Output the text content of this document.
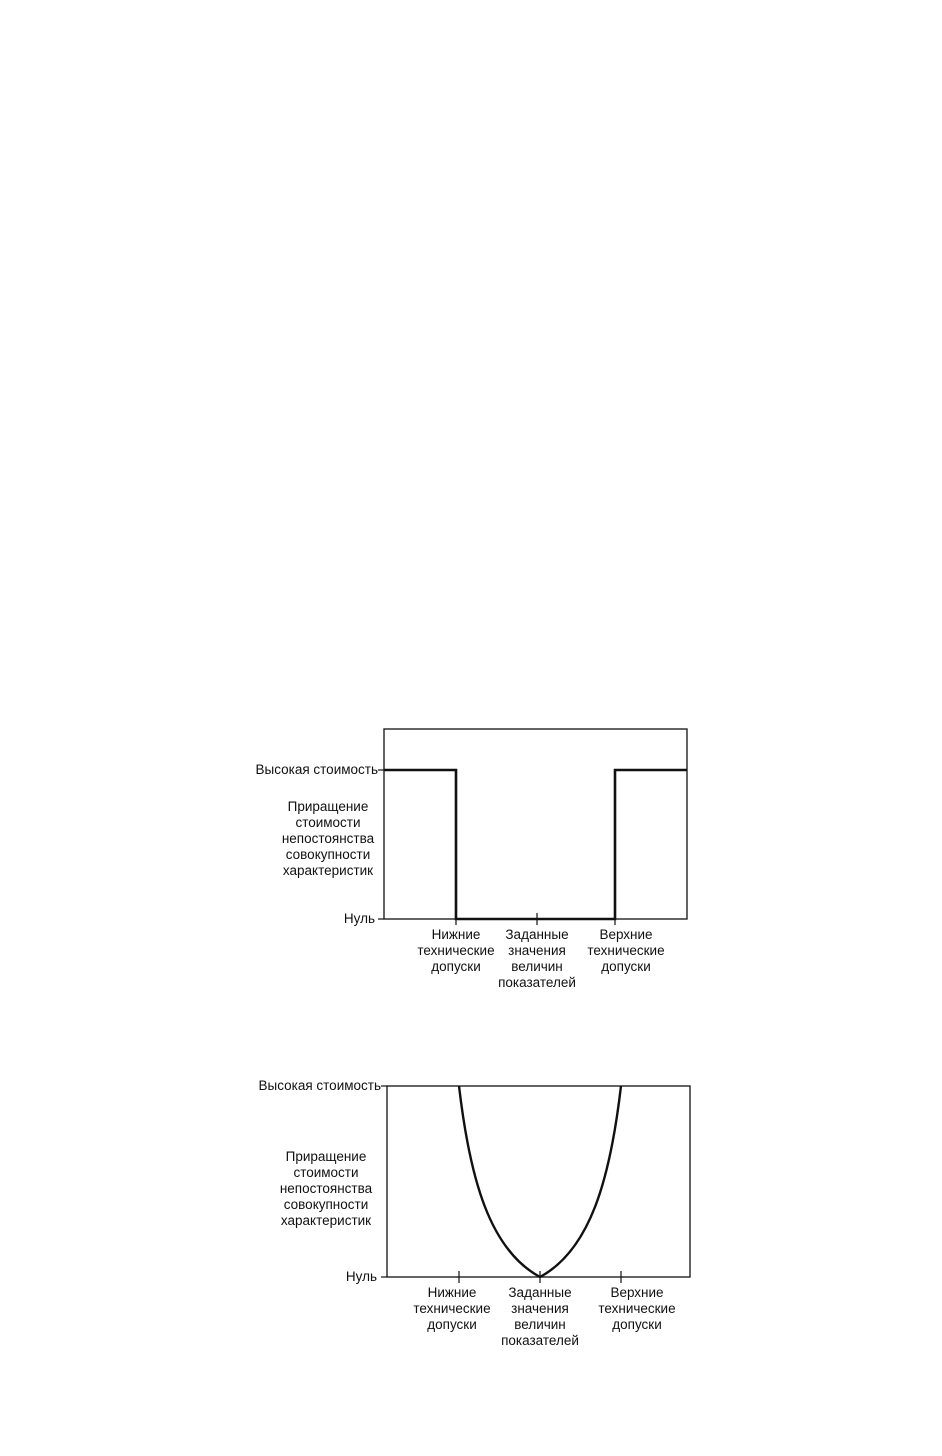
Высокая стоимость
Приращение
стоимости
непостоянства
совокупности
характеристик
Нуль
Нижние
технические
допуски
Заданные
значения
величин
показателей
Верхние
технические
допуски
Высокая стоимость
Приращение
стоимости
непостоянства
совокупности
характеристик
Нуль
Нижние
технические
допуски
Заданные
значения
величин
показателей
Верхние
технические
допуски
